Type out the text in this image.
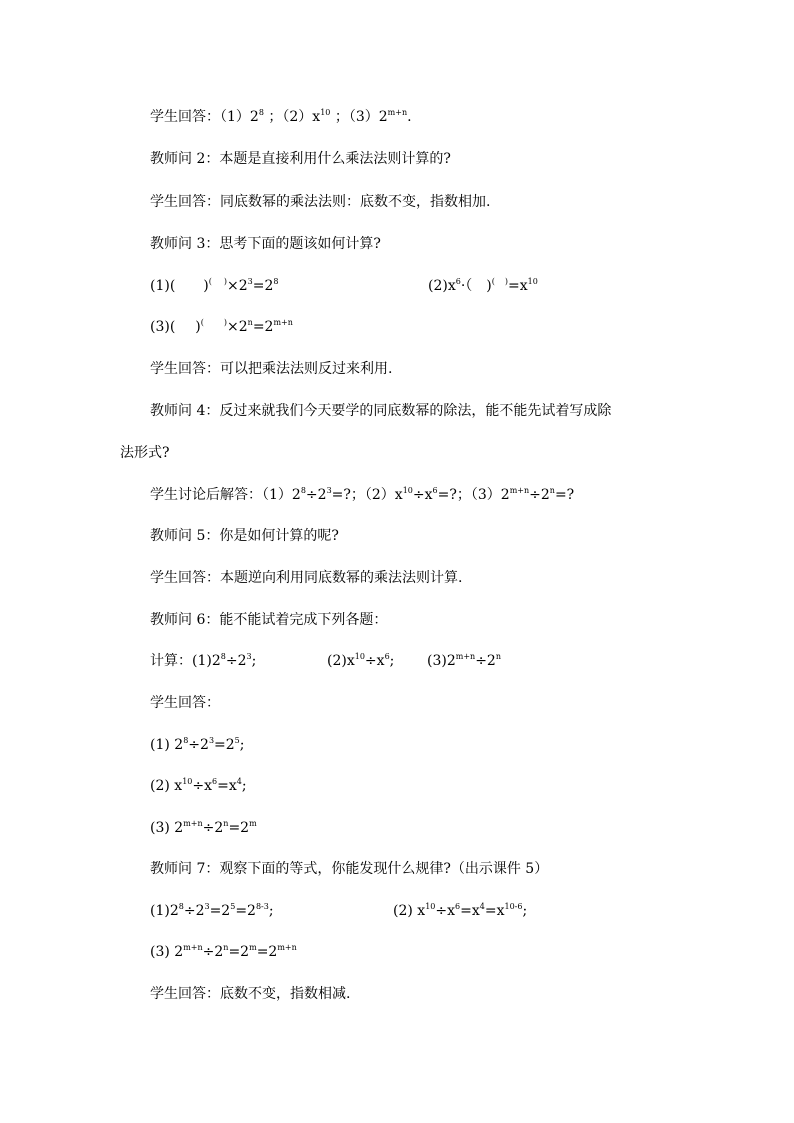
学生回答：$(1)2^8$ ；$(2)x^{10}$ ；$(3)2^{m+n}$.
教师问 2：本题是直接利用什么乘法法则计算的?
学生回答：同底数幂的乘法法则：底数不变，指数相加.
教师问 3：思考下面的题该如何计算?
(1)( )( $^)\times 2^3=2^8$	$(2)x^6\cdot$（ )( $^)=x^{10}$
(3)( )(	$^)\times 2^n=2^{m+n}$
学生回答：可以把乘法法则反过来利用.
教师问 4：反过来就我们今天要学的同底数幂的除法，能不能先试着写成除
法形式?
学生讨论后解答：$(1)2^8\div 2^3=$?；$(2)x^{10}\div x^6=$?；$(3)2^{m+n}\div 2^n=$?
教师问 5：你是如何计算的呢?
学生回答：本题逆向利用同底数幂的乘法法则计算.
教师问 6：能不能试着完成下列各题：
计算：$(1)2^8\div 2^3$;	$(2)x^{10}\div x^6$; $(3)2^{m+n}\div 2^n$
学生回答：
(1) $2^8\div 2^3=2^5$;
(2) $x^{10}\div x^6=x^4$;
(3) $2^{m+n}\div 2^n=2^m$
教师问 7：观察下面的等式，你能发现什么规律?（出示课件 5）
$(1)2^8\div 2^3=2^5=2^{8-3}$;	(2) $x^{10}\div x^6=x^4=x^{10-6}$;
(3) $2^{m+n}\div 2^n=2^m=2^{m+n}$
学生回答：底数不变，指数相减.
